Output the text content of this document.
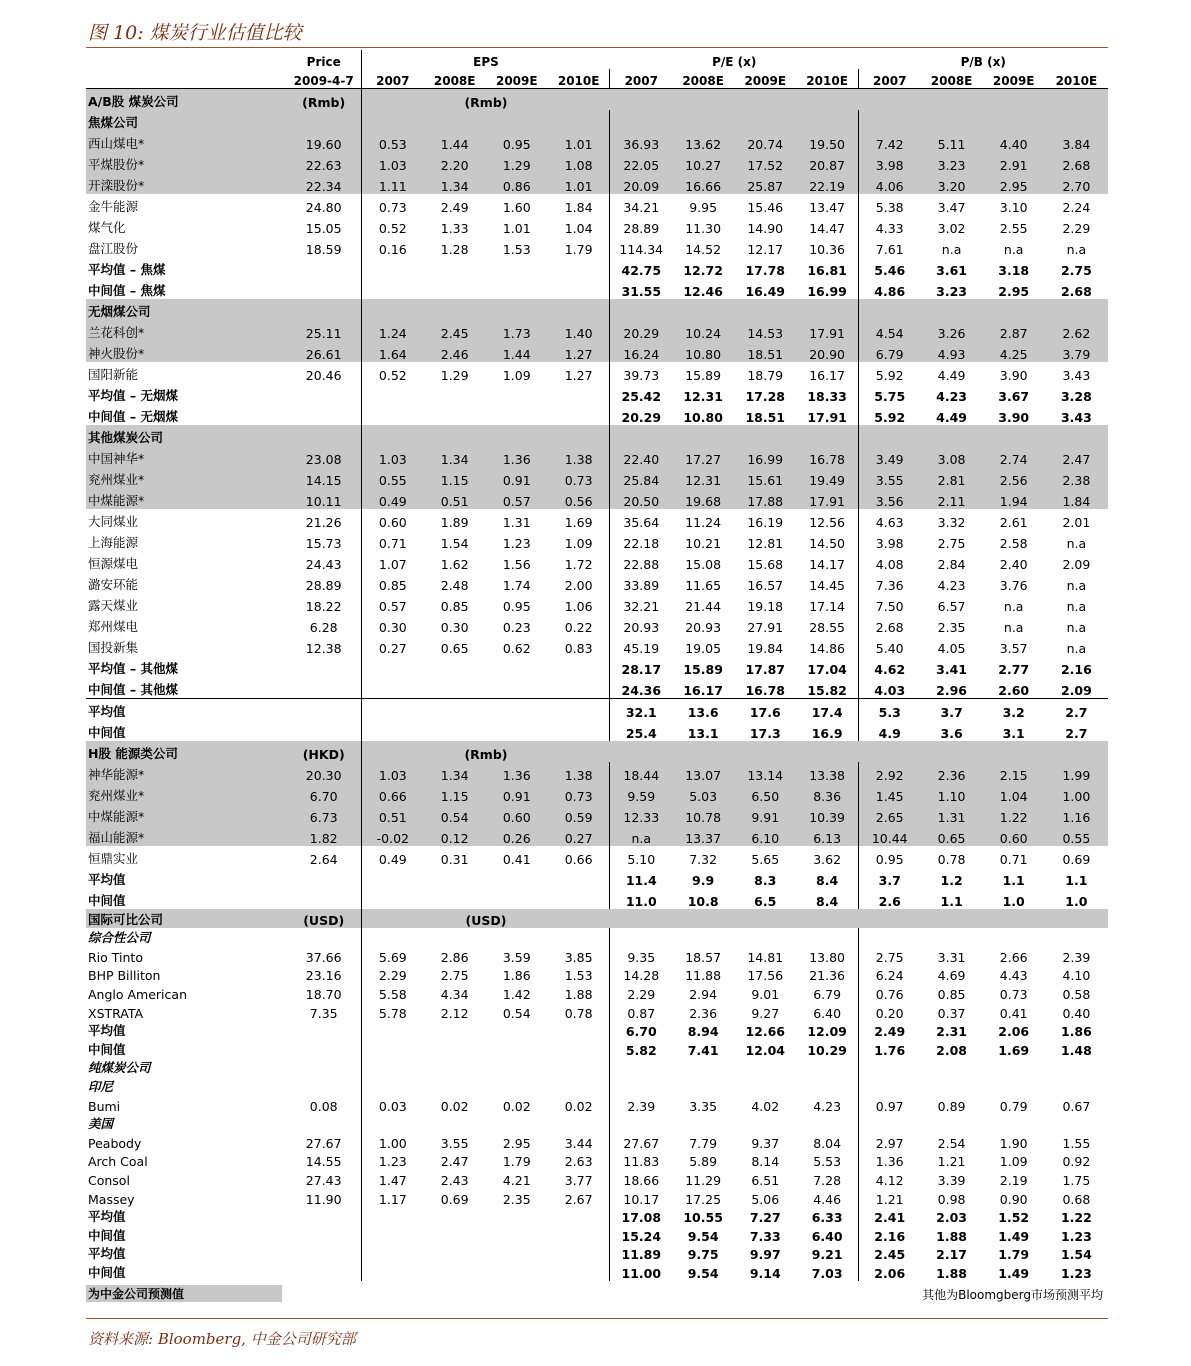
图 10: 煤炭行业估值比较
	Price	EPS				P/E (x)				P/B (x)			
	2009-4-7	2007	2008E	2009E	2010E	2007	2008E	2009E	2010E	2007	2008E	2009E	2010E
A/B股 煤炭公司	(Rmb)	(Rmb)											
焦煤公司													
西山煤电*	19.60	0.53	1.44	0.95	1.01	36.93	13.62	20.74	19.50	7.42	5.11	4.40	3.84
平煤股份*	22.63	1.03	2.20	1.29	1.08	22.05	10.27	17.52	20.87	3.98	3.23	2.91	2.68
开滦股份*	22.34	1.11	1.34	0.86	1.01	20.09	16.66	25.87	22.19	4.06	3.20	2.95	2.70
金牛能源	24.80	0.73	2.49	1.60	1.84	34.21	9.95	15.46	13.47	5.38	3.47	3.10	2.24
煤气化	15.05	0.52	1.33	1.01	1.04	28.89	11.30	14.90	14.47	4.33	3.02	2.55	2.29
盘江股份	18.59	0.16	1.28	1.53	1.79	114.34	14.52	12.17	10.36	7.61	n.a	n.a	n.a
平均值 – 焦煤						42.75	12.72	17.78	16.81	5.46	3.61	3.18	2.75
中间值 – 焦煤						31.55	12.46	16.49	16.99	4.86	3.23	2.95	2.68
无烟煤公司													
兰花科创*	25.11	1.24	2.45	1.73	1.40	20.29	10.24	14.53	17.91	4.54	3.26	2.87	2.62
神火股份*	26.61	1.64	2.46	1.44	1.27	16.24	10.80	18.51	20.90	6.79	4.93	4.25	3.79
国阳新能	20.46	0.52	1.29	1.09	1.27	39.73	15.89	18.79	16.17	5.92	4.49	3.90	3.43
平均值 – 无烟煤						25.42	12.31	17.28	18.33	5.75	4.23	3.67	3.28
中间值 – 无烟煤						20.29	10.80	18.51	17.91	5.92	4.49	3.90	3.43
其他煤炭公司													
中国神华*	23.08	1.03	1.34	1.36	1.38	22.40	17.27	16.99	16.78	3.49	3.08	2.74	2.47
兖州煤业*	14.15	0.55	1.15	0.91	0.73	25.84	12.31	15.61	19.49	3.55	2.81	2.56	2.38
中煤能源*	10.11	0.49	0.51	0.57	0.56	20.50	19.68	17.88	17.91	3.56	2.11	1.94	1.84
大同煤业	21.26	0.60	1.89	1.31	1.69	35.64	11.24	16.19	12.56	4.63	3.32	2.61	2.01
上海能源	15.73	0.71	1.54	1.23	1.09	22.18	10.21	12.81	14.50	3.98	2.75	2.58	n.a
恒源煤电	24.43	1.07	1.62	1.56	1.72	22.88	15.08	15.68	14.17	4.08	2.84	2.40	2.09
潞安环能	28.89	0.85	2.48	1.74	2.00	33.89	11.65	16.57	14.45	7.36	4.23	3.76	n.a
露天煤业	18.22	0.57	0.85	0.95	1.06	32.21	21.44	19.18	17.14	7.50	6.57	n.a	n.a
郑州煤电	6.28	0.30	0.30	0.23	0.22	20.93	20.93	27.91	28.55	2.68	2.35	n.a	n.a
国投新集	12.38	0.27	0.65	0.62	0.83	45.19	19.05	19.84	14.86	5.40	4.05	3.57	n.a
平均值 – 其他煤						28.17	15.89	17.87	17.04	4.62	3.41	2.77	2.16
中间值 – 其他煤						24.36	16.17	16.78	15.82	4.03	2.96	2.60	2.09
平均值						32.1	13.6	17.6	17.4	5.3	3.7	3.2	2.7
中间值						25.4	13.1	17.3	16.9	4.9	3.6	3.1	2.7
H股 能源类公司	(HKD)	(Rmb)											
神华能源*	20.30	1.03	1.34	1.36	1.38	18.44	13.07	13.14	13.38	2.92	2.36	2.15	1.99
兖州煤业*	6.70	0.66	1.15	0.91	0.73	9.59	5.03	6.50	8.36	1.45	1.10	1.04	1.00
中煤能源*	6.73	0.51	0.54	0.60	0.59	12.33	10.78	9.91	10.39	2.65	1.31	1.22	1.16
福山能源*	1.82	-0.02	0.12	0.26	0.27	n.a	13.37	6.10	6.13	10.44	0.65	0.60	0.55
恒鼎实业	2.64	0.49	0.31	0.41	0.66	5.10	7.32	5.65	3.62	0.95	0.78	0.71	0.69
平均值						11.4	9.9	8.3	8.4	3.7	1.2	1.1	1.1
中间值						11.0	10.8	6.5	8.4	2.6	1.1	1.0	1.0
国际可比公司	(USD)	(USD)											
综合性公司													
Rio Tinto	37.66	5.69	2.86	3.59	3.85	9.35	18.57	14.81	13.80	2.75	3.31	2.66	2.39
BHP Billiton	23.16	2.29	2.75	1.86	1.53	14.28	11.88	17.56	21.36	6.24	4.69	4.43	4.10
Anglo American	18.70	5.58	4.34	1.42	1.88	2.29	2.94	9.01	6.79	0.76	0.85	0.73	0.58
XSTRATA	7.35	5.78	2.12	0.54	0.78	0.87	2.36	9.27	6.40	0.20	0.37	0.41	0.40
平均值						6.70	8.94	12.66	12.09	2.49	2.31	2.06	1.86
中间值						5.82	7.41	12.04	10.29	1.76	2.08	1.69	1.48
纯煤炭公司													
印尼													
Bumi	0.08	0.03	0.02	0.02	0.02	2.39	3.35	4.02	4.23	0.97	0.89	0.79	0.67
美国													
Peabody	27.67	1.00	3.55	2.95	3.44	27.67	7.79	9.37	8.04	2.97	2.54	1.90	1.55
Arch Coal	14.55	1.23	2.47	1.79	2.63	11.83	5.89	8.14	5.53	1.36	1.21	1.09	0.92
Consol	27.43	1.47	2.43	4.21	3.77	18.66	11.29	6.51	7.28	4.12	3.39	2.19	1.75
Massey	11.90	1.17	0.69	2.35	2.67	10.17	17.25	5.06	4.46	1.21	0.98	0.90	0.68
平均值						17.08	10.55	7.27	6.33	2.41	2.03	1.52	1.22
中间值						15.24	9.54	7.33	6.40	2.16	1.88	1.49	1.23
平均值						11.89	9.75	9.97	9.21	2.45	2.17	1.79	1.54
中间值						11.00	9.54	9.14	7.03	2.06	1.88	1.49	1.23
为中金公司预测值	其他为Bloomgberg市场预测平均
资料来源: Bloomberg, 中金公司研究部
